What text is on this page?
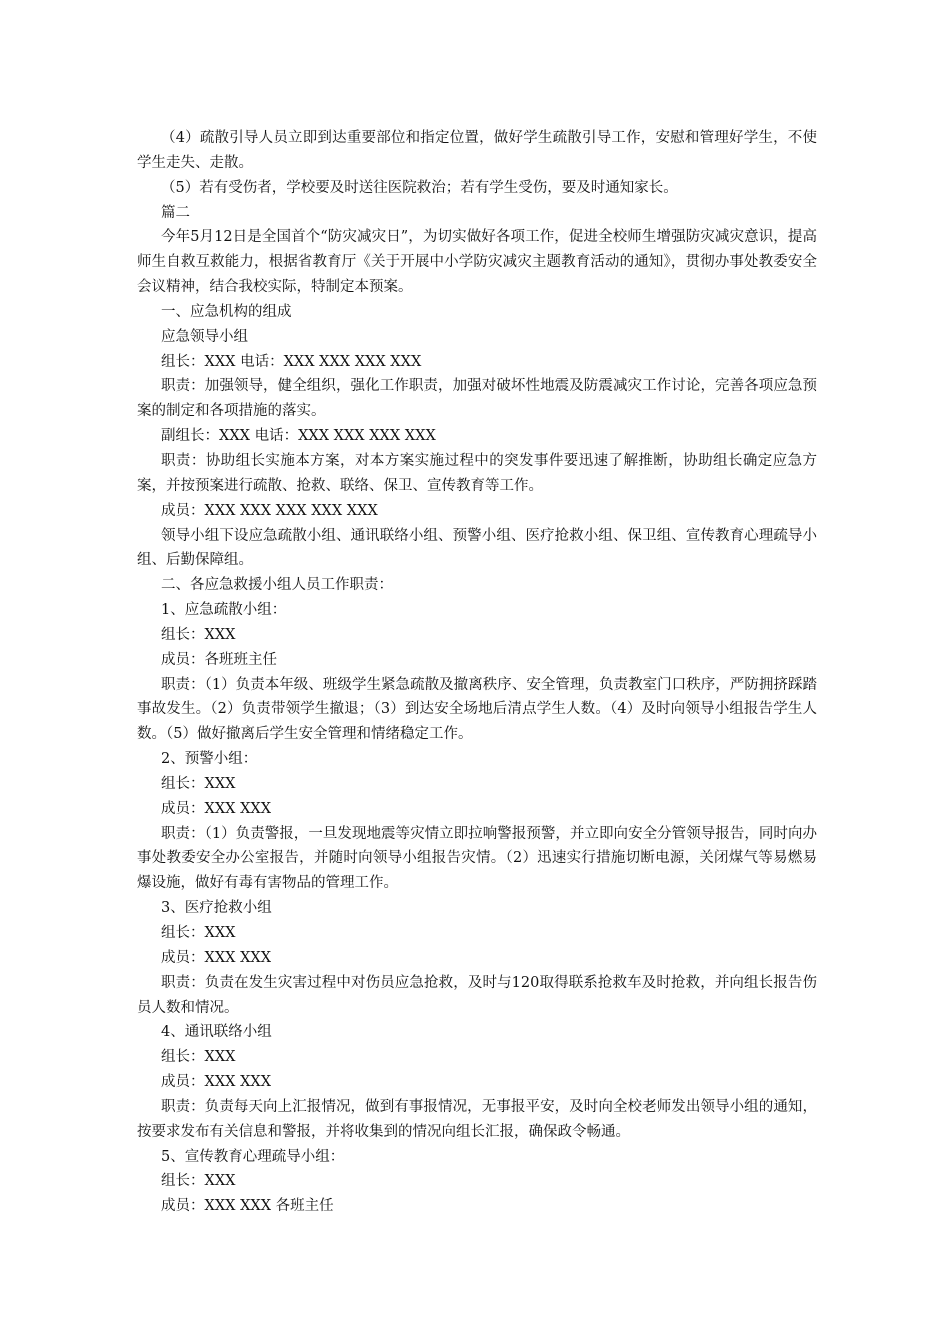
（4）疏散引导人员立即到达重要部位和指定位置，做好学生疏散引导工作，安慰和管理好学生，不使学生走失、走散。

（5）若有受伤者，学校要及时送往医院救治；若有学生受伤，要及时通知家长。

篇二

今年5月12日是全国首个“防灾减灾日”，为切实做好各项工作，促进全校师生增强防灾减灾意识，提高师生自救互救能力，根据省教育厅《关于开展中小学防灾减灾主题教育活动的通知》，贯彻办事处教委安全会议精神，结合我校实际，特制定本预案。

一、应急机构的组成

应急领导小组

组长：XXX 电话：XXX XXX XXX XXX

职责：加强领导，健全组织，强化工作职责，加强对破坏性地震及防震减灾工作讨论，完善各项应急预案的制定和各项措施的落实。

副组长：XXX 电话：XXX XXX XXX XXX

职责：协助组长实施本方案，对本方案实施过程中的突发事件要迅速了解推断，协助组长确定应急方案，并按预案进行疏散、抢救、联络、保卫、宣传教育等工作。

成员：XXX XXX XXX XXX XXX

领导小组下设应急疏散小组、通讯联络小组、预警小组、医疗抢救小组、保卫组、宣传教育心理疏导小组、后勤保障组。

二、各应急救援小组人员工作职责：

1、应急疏散小组：

组长：XXX

成员：各班班主任

职责：（1）负责本年级、班级学生紧急疏散及撤离秩序、安全管理，负责教室门口秩序，严防拥挤踩踏事故发生。（2）负责带领学生撤退；（3）到达安全场地后清点学生人数。（4）及时向领导小组报告学生人数。（5）做好撤离后学生安全管理和情绪稳定工作。

2、预警小组：

组长：XXX

成员：XXX XXX

职责：（1）负责警报，一旦发现地震等灾情立即拉响警报预警，并立即向安全分管领导报告，同时向办事处教委安全办公室报告，并随时向领导小组报告灾情。（2）迅速实行措施切断电源，关闭煤气等易燃易爆设施，做好有毒有害物品的管理工作。

3、医疗抢救小组

组长：XXX

成员：XXX XXX

职责：负责在发生灾害过程中对伤员应急抢救，及时与120取得联系抢救车及时抢救，并向组长报告伤员人数和情况。

4、通讯联络小组

组长：XXX

成员：XXX XXX

职责：负责每天向上汇报情况，做到有事报情况，无事报平安，及时向全校老师发出领导小组的通知，按要求发布有关信息和警报，并将收集到的情况向组长汇报，确保政令畅通。

5、宣传教育心理疏导小组：

组长：XXX

成员：XXX XXX 各班主任
